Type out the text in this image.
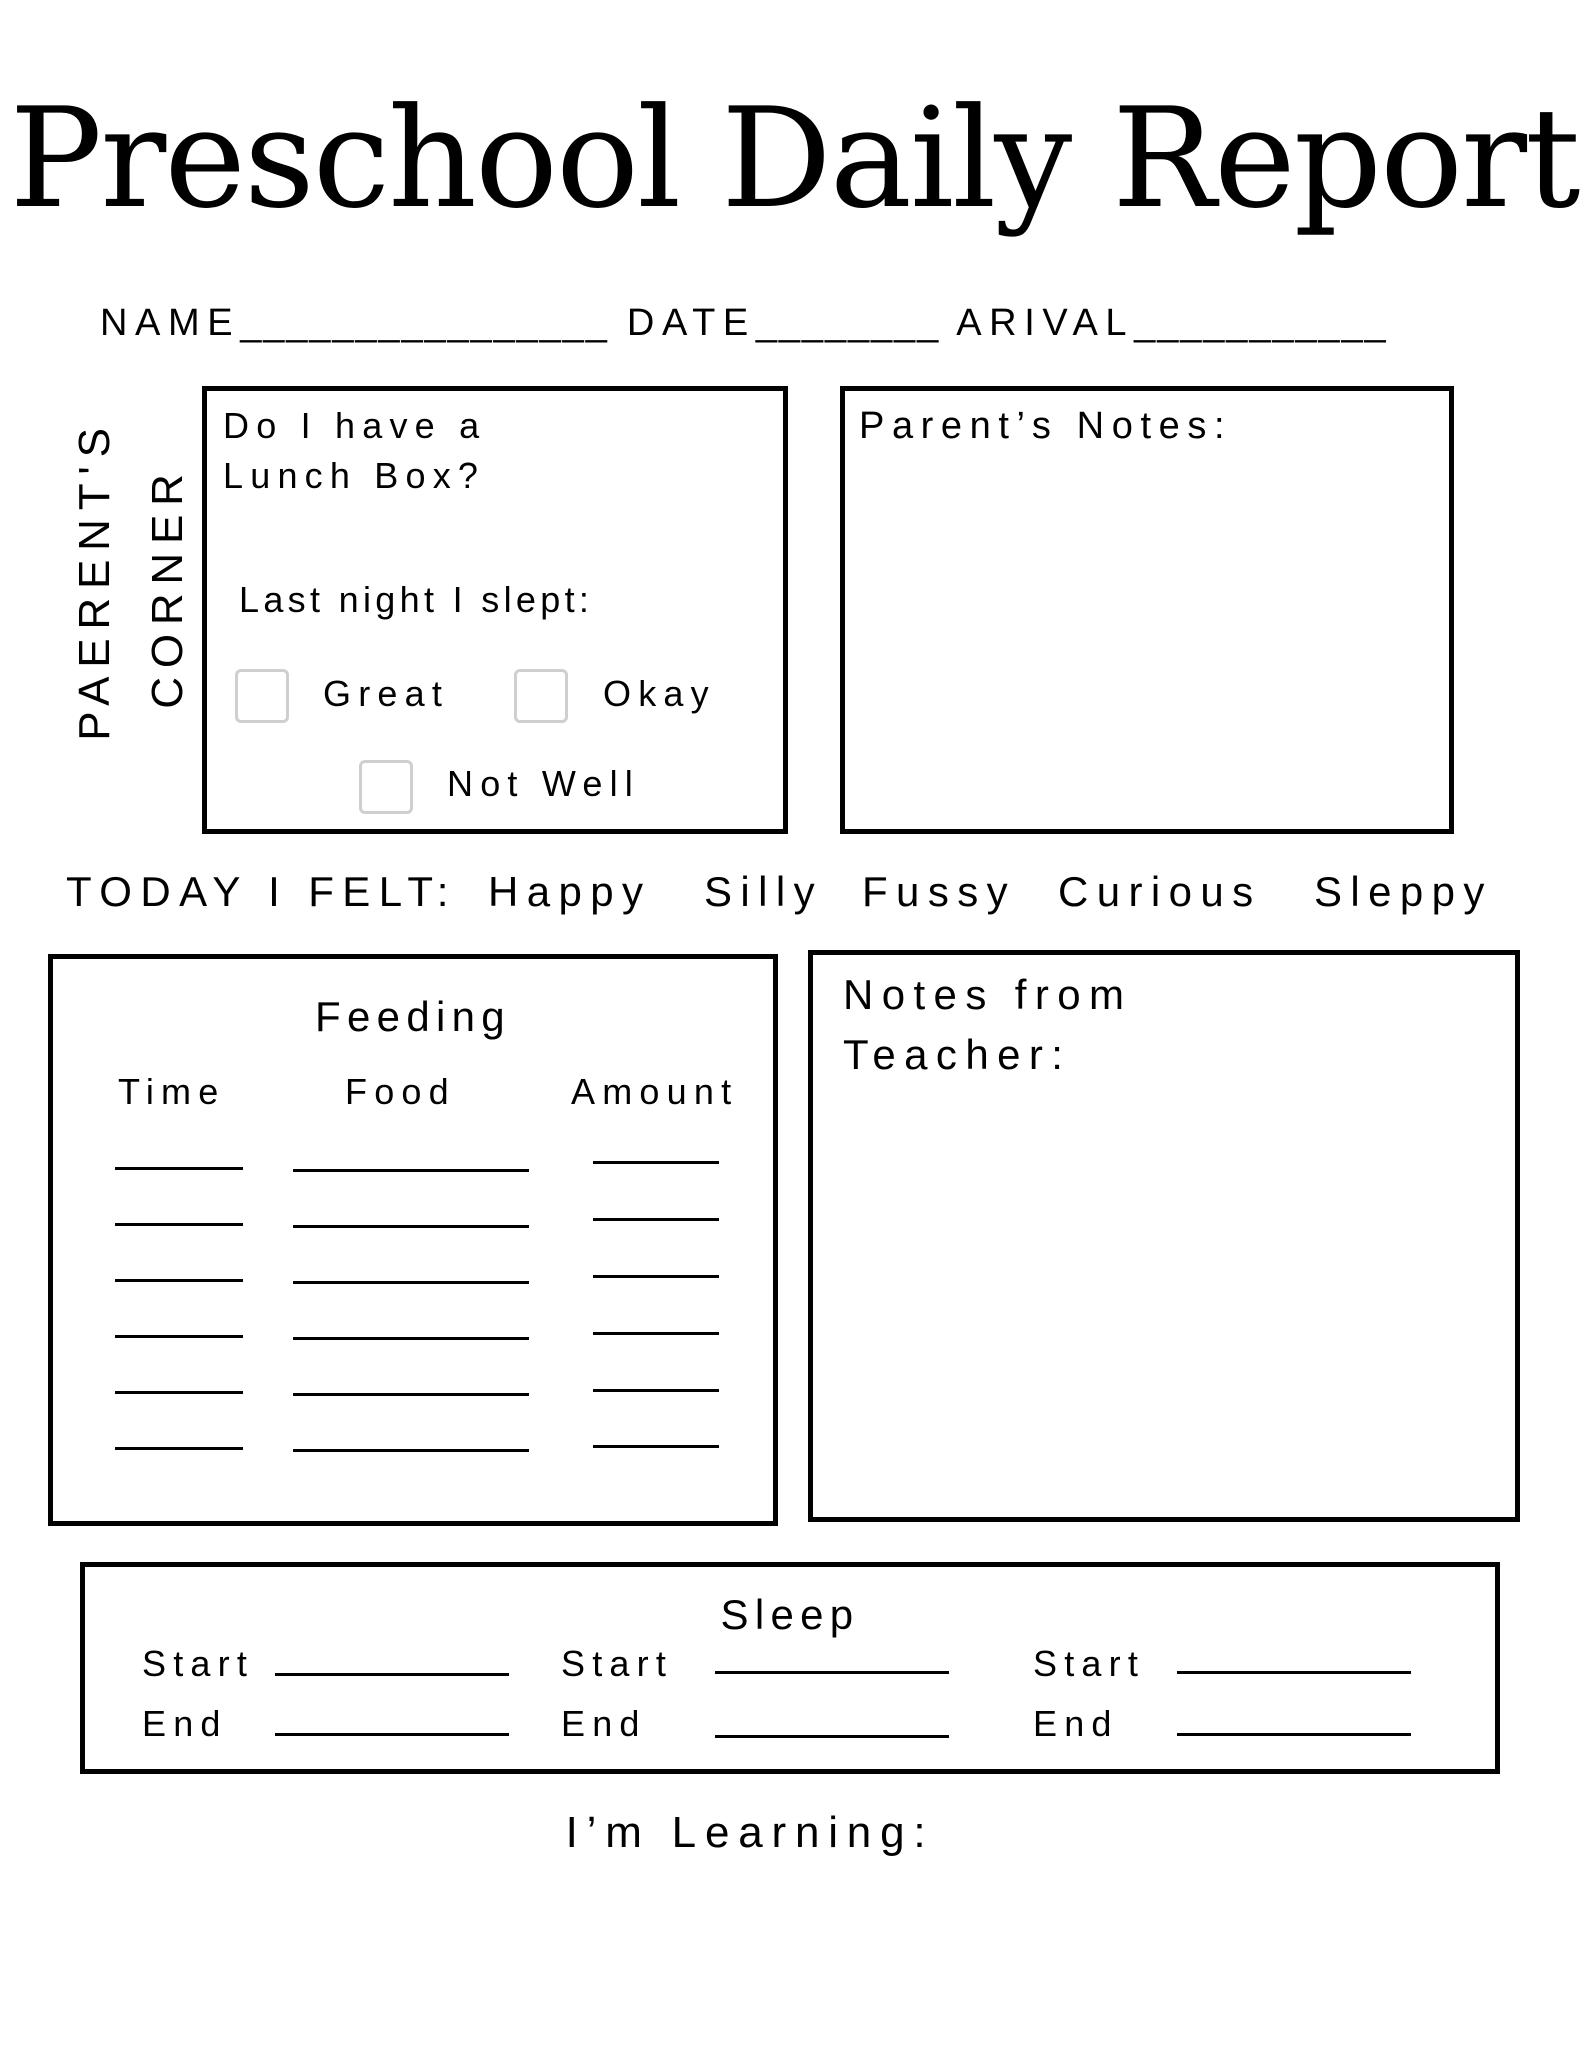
Preschool Daily Report
NAME________________ DATE________ ARIVAL___________
PAERENT'S CORNER
Do I have a
Lunch Box?
Last night I slept:
Great	Okay
Not Well
Parent’s Notes:
TODAY I FELT: Happy Silly Fussy Curious Sleppy
Feeding
Time	Food	Amount
Notes from
Teacher:
Sleep
Start
End
Start
End
Start
End
I’m Learning:
